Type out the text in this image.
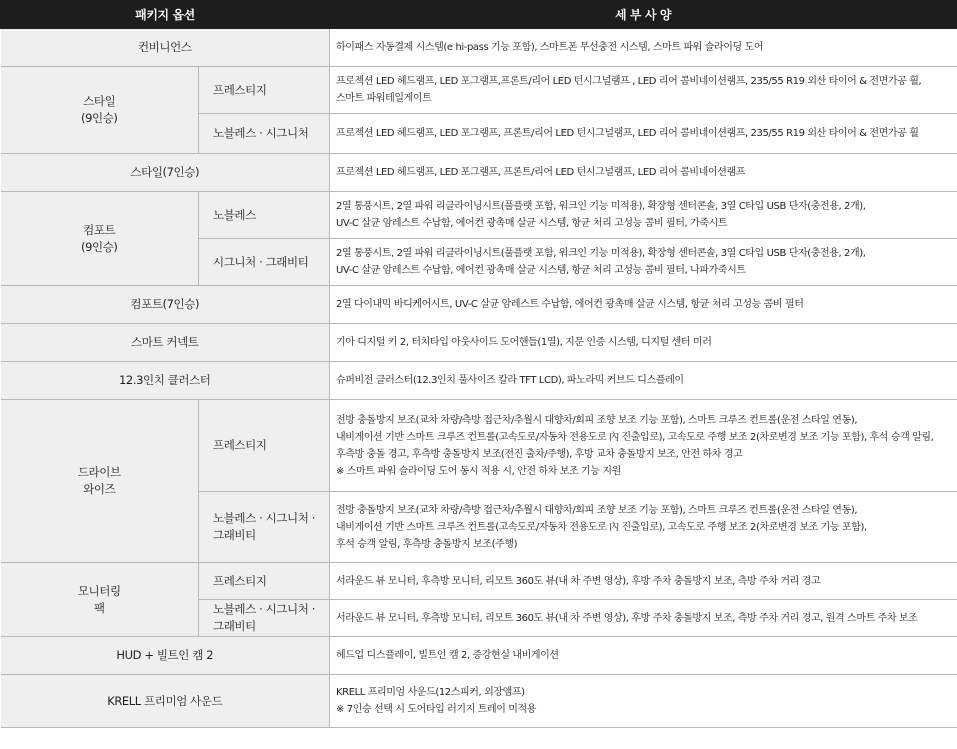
패키지 옵션		세 부 사 양
컨비니언스		하이패스 자동결제 시스템(e hi-pass 기능 포함), 스마트폰 무선충전 시스템, 스마트 파워 슬라이딩 도어

스타일
(9인승)	프레스티지	프로젝션 LED 헤드램프, LED 포그램프,프론트/리어 LED 턴시그널램프 , LED 리어 콤비네이션램프, 235/55 R19 외산 타이어 & 전면가공 휠,
스마트 파워테일게이트

	노블레스 · 시그니처	프로젝션 LED 헤드램프, LED 포그램프, 프론트/리어 LED 턴시그널램프, LED 리어 콤비네이션램프, 235/55 R19 외산 타이어 & 전면가공 휠
스타일(7인승)		프로젝션 LED 헤드램프, LED 포그램프, 프론트/리어 LED 턴시그널램프, LED 리어 콤비네이션램프

컴포트
(9인승)	노블레스	2열 통풍시트, 2열 파워 리클라이닝시트(풀플랫 포함, 워크인 기능 미적용), 확장형 센터콘솔, 3열 C타입 USB 단자(충전용, 2개),
UV-C 살균 암레스트 수납함, 에어컨 광촉매 살균 시스템, 항균 처리 고성능 콤비 필터, 가죽시트

	시그니처 · 그래비티	2열 통풍시트, 2열 파워 리클라이닝시트(풀플랫 포함, 워크인 기능 미적용), 확장형 센터콘솔, 3열 C타입 USB 단자(충전용, 2개),
UV-C 살균 암레스트 수납함, 에어컨 광촉매 살균 시스템, 항균 처리 고성능 콤비 필터, 나파가죽시트

컴포트(7인승)		2열 다이내믹 바디케어시트, UV-C 살균 암레스트 수납함, 에어컨 광촉매 살균 시스템, 항균 처리 고성능 콤비 필터
스마트 커넥트		기아 디지털 키 2, 터치타입 아웃사이드 도어핸들(1열), 지문 인증 시스템, 디지털 센터 미러
12.3인치 클러스터		슈퍼비전 클러스터(12.3인치 풀사이즈 칼라 TFT LCD), 파노라믹 커브드 디스플레이

드라이브
와이즈	프레스티지	전방 충돌방지 보조(교차 차량/측방 접근차/추월시 대향차/회피 조향 보조 기능 포함), 스마트 크루즈 컨트롤(운전 스타일 연동),
내비게이션 기반 스마트 크루즈 컨트롤(고속도로/자동차 전용도로 內 진출입로), 고속도로 주행 보조 2(차로변경 보조 기능 포함), 후석 승객 알림,
후측방 충돌 경고, 후측방 충돌방지 보조(전진 출차/주행), 후방 교차 충돌방지 보조, 안전 하차 경고
※ 스마트 파워 슬라이딩 도어 동시 적용 시, 안전 하차 보조 기능 지원

	노블레스 · 시그니처 ·
그래비티	전방 충돌방지 보조(교차 차량/측방 접근차/추월시 대향차/회피 조향 보조 기능 포함), 스마트 크루즈 컨트롤(운전 스타일 연동),
내비게이션 기반 스마트 크루즈 컨트롤(고속도로/자동차 전용도로 內 진출입로), 고속도로 주행 보조 2(차로변경 보조 기능 포함),
후석 승객 알림, 후측방 충돌방지 보조(주행)

모니터링
팩	프레스티지	서라운드 뷰 모니터, 후측방 모니터, 리모트 360도 뷰(내 차 주변 영상), 후방 주차 충돌방지 보조, 측방 주차 거리 경고

	노블레스 · 시그니처 ·
그래비티	서라운드 뷰 모니터, 후측방 모니터, 리모트 360도 뷰(내 차 주변 영상), 후방 주차 충돌방지 보조, 측방 주차 거리 경고, 원격 스마트 주차 보조
HUD + 빌트인 캠 2		헤드업 디스플레이, 빌트인 캠 2, 증강현실 내비게이션
KRELL 프리미엄 사운드		KRELL 프리미엄 사운드(12스피커, 외장앰프)
※ 7인승 선택 시 도어타입 러기지 트레이 미적용
